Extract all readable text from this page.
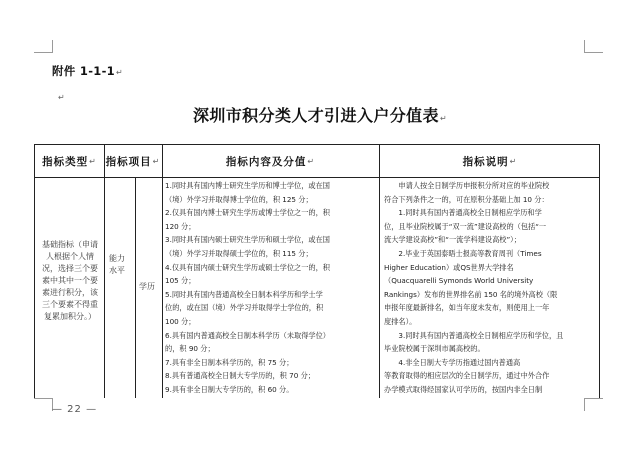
附件 1-1-1↵
↵
深圳市积分类人才引进入户分值表↵
指标类型 ↵ 指标项目 ↵	指标内容及分值 ↵	指标说明 ↵
基础指标（申请人根据个人情况，选择三个要素中其中一个要素进行积分，该三个要素不得重复累加积分。）
能力水平
学历
1.同时具有国内博士研究生学历和博士学位，或在国
（境）外学习并取得博士学位的，积 125 分；
2.仅具有国内博士研究生学历或博士学位之一的，积
120 分；
3.同时具有国内硕士研究生学历和硕士学位，或在国
（境）外学习并取得硕士学位的，积 115 分；
4.仅具有国内硕士研究生学历或硕士学位之一的，积
105 分；
5.同时具有国内普通高校全日制本科学历和学士学
位的，或在国（境）外学习并取得学士学位的，积
100 分；
6.具有国内普通高校全日制本科学历（未取得学位）
的，积 90 分；
7.具有非全日制本科学历的，积 75 分；
8.具有普通高校全日制大专学历的，积 70 分；
9.具有非全日制大专学历的，积 60 分。
　　申请人按全日制学历申报积分所对应的毕业院校
符合下列条件之一的，可在原积分基础上加 10 分：
　　1.同时具有国内普通高校全日制相应学历和学
位，且毕业院校属于“双一流”建设高校的（包括“一
流大学建设高校”和“一流学科建设高校”）；
　　2.毕业于英国泰晤士报高等教育周刊（Times
Higher Education）或QS世界大学排名
（Quacquarelli Symonds World University
Rankings）发布的世界排名前 150 名的境外高校（限
申报年度最新排名，如当年度未发布，则使用上一年
度排名）。
　　3.同时具有国内普通高校全日制相应学历和学位，且
毕业院校属于深圳市属高校的。
　　4.非全日制大专学历指通过国内普通高
等教育取得的相应层次的全日制学历，通过中外合作
办学模式取得经国家认可学历的，按国内非全日制
— 22 —
